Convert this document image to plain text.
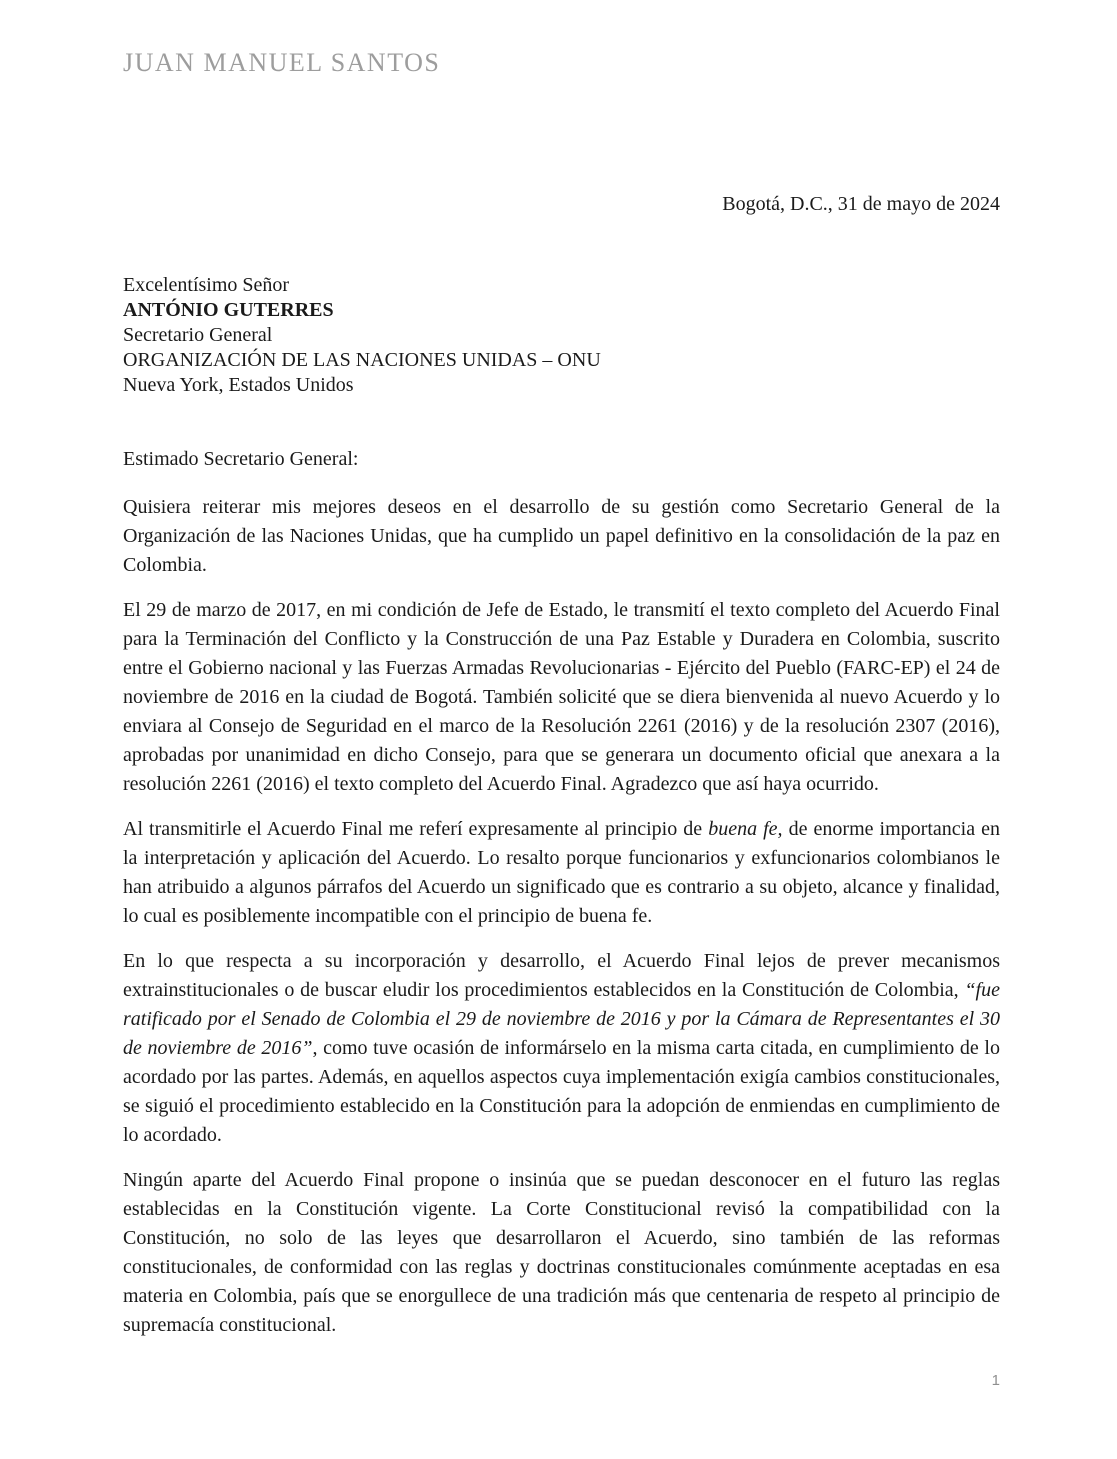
JUAN MANUEL SANTOS
Bogotá, D.C., 31 de mayo de 2024
Excelentísimo Señor
ANTÓNIO GUTERRES
Secretario General
ORGANIZACIÓN DE LAS NACIONES UNIDAS – ONU
Nueva York, Estados Unidos
Estimado Secretario General:

Quisiera reiterar mis mejores deseos en el desarrollo de su gestión como Secretario General de la Organización de las Naciones Unidas, que ha cumplido un papel definitivo en la consolidación de la paz en Colombia.

El 29 de marzo de 2017, en mi condición de Jefe de Estado, le transmití el texto completo del Acuerdo Final para la Terminación del Conflicto y la Construcción de una Paz Estable y Duradera en Colombia, suscrito entre el Gobierno nacional y las Fuerzas Armadas Revolucionarias - Ejército del Pueblo (FARC-EP) el 24 de noviembre de 2016 en la ciudad de Bogotá. También solicité que se diera bienvenida al nuevo Acuerdo y lo enviara al Consejo de Seguridad en el marco de la Resolución 2261 (2016) y de la resolución 2307 (2016), aprobadas por unanimidad en dicho Consejo, para que se generara un documento oficial que anexara a la resolución 2261 (2016) el texto completo del Acuerdo Final. Agradezco que así haya ocurrido.

Al transmitirle el Acuerdo Final me referí expresamente al principio de buena fe, de enorme importancia en la interpretación y aplicación del Acuerdo. Lo resalto porque funcionarios y exfuncionarios colombianos le han atribuido a algunos párrafos del Acuerdo un significado que es contrario a su objeto, alcance y finalidad, lo cual es posiblemente incompatible con el principio de buena fe.

En lo que respecta a su incorporación y desarrollo, el Acuerdo Final lejos de prever mecanismos extrainstitucionales o de buscar eludir los procedimientos establecidos en la Constitución de Colombia, “fue ratificado por el Senado de Colombia el 29 de noviembre de 2016 y por la Cámara de Representantes el 30 de noviembre de 2016”, como tuve ocasión de informárselo en la misma carta citada, en cumplimiento de lo acordado por las partes. Además, en aquellos aspectos cuya implementación exigía cambios constitucionales, se siguió el procedimiento establecido en la Constitución para la adopción de enmiendas en cumplimiento de lo acordado.

Ningún aparte del Acuerdo Final propone o insinúa que se puedan desconocer en el futuro las reglas establecidas en la Constitución vigente. La Corte Constitucional revisó la compatibilidad con la Constitución, no solo de las leyes que desarrollaron el Acuerdo, sino también de las reformas constitucionales, de conformidad con las reglas y doctrinas constitucionales comúnmente aceptadas en esa materia en Colombia, país que se enorgullece de una tradición más que centenaria de respeto al principio de supremacía constitucional.

1
